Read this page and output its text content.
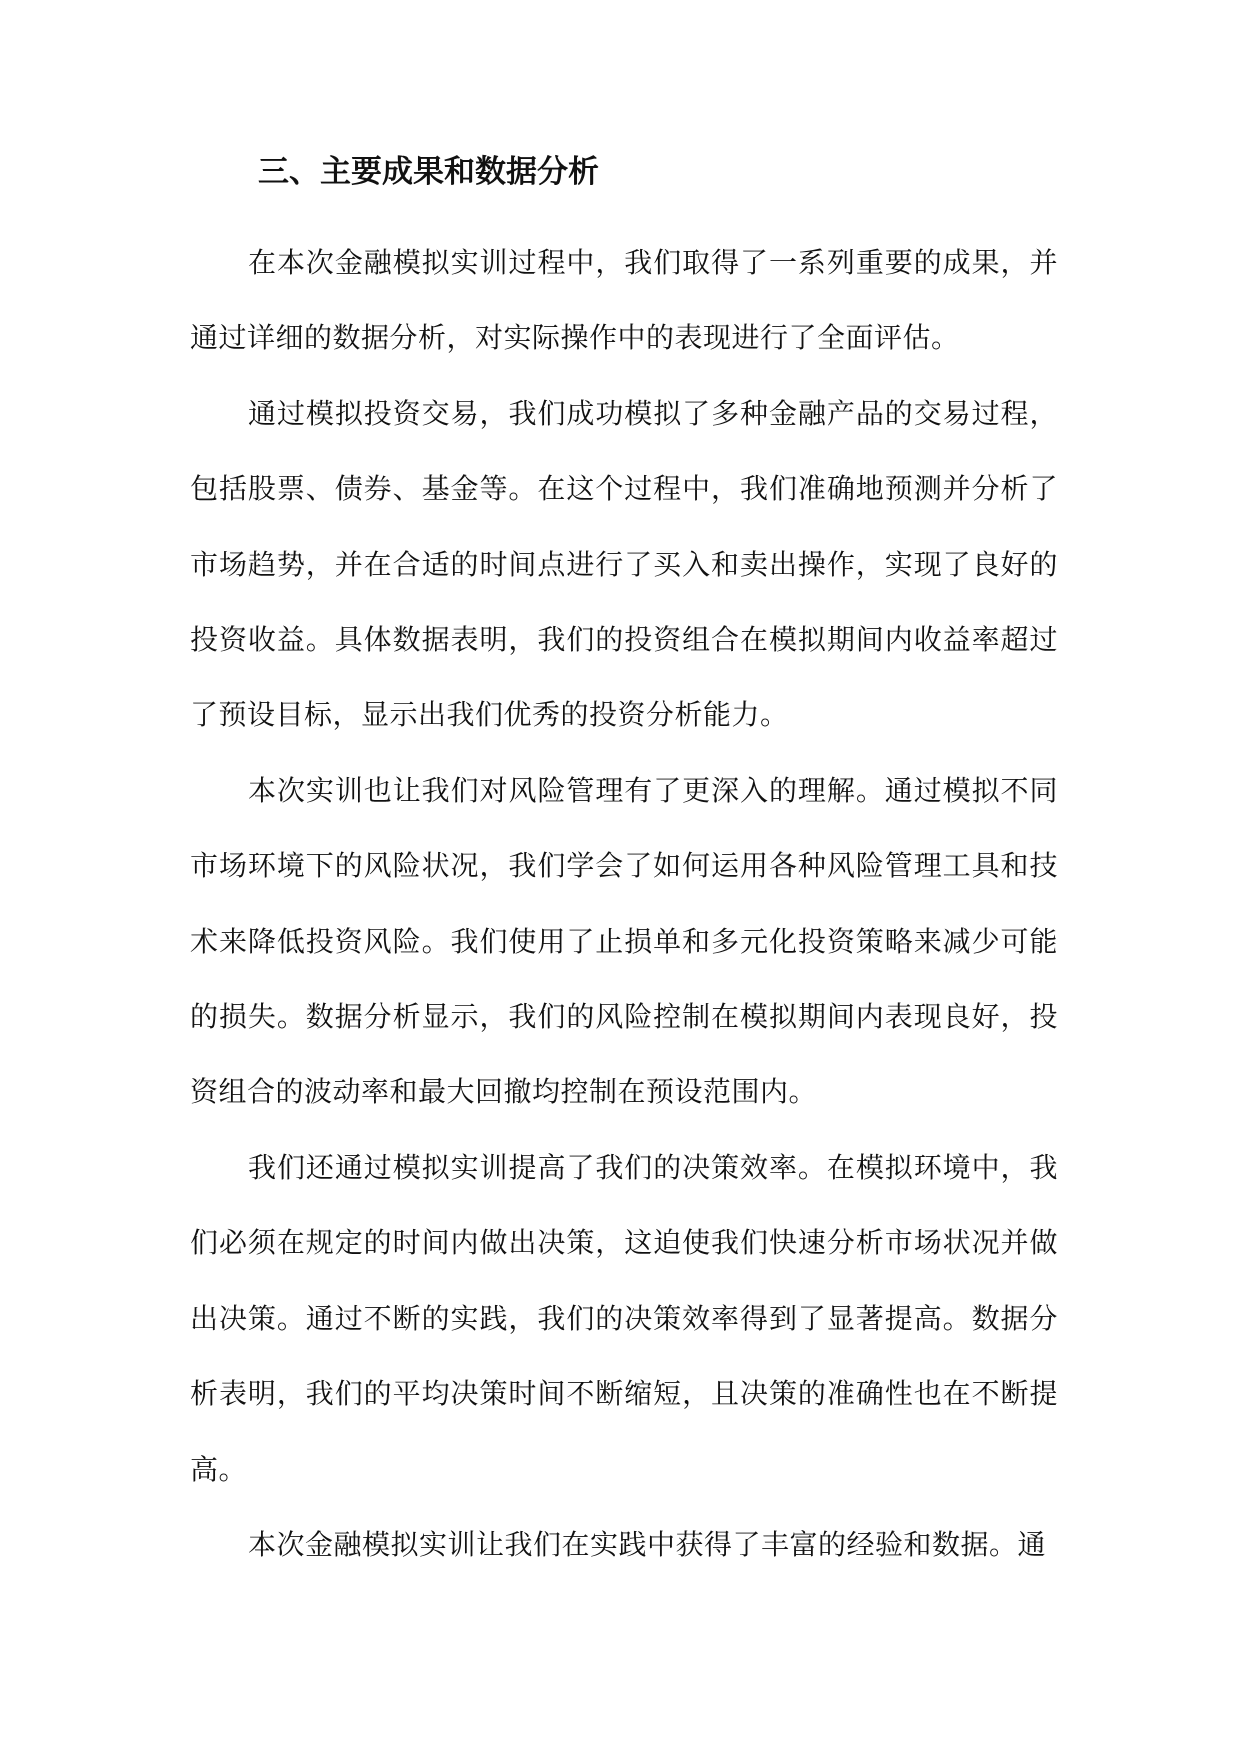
三、主要成果和数据分析

在本次金融模拟实训过程中，我们取得了一系列重要的成果，并通过详细的数据分析，对实际操作中的表现进行了全面评估。

通过模拟投资交易，我们成功模拟了多种金融产品的交易过程，包括股票、债券、基金等。在这个过程中，我们准确地预测并分析了市场趋势，并在合适的时间点进行了买入和卖出操作，实现了良好的投资收益。具体数据表明，我们的投资组合在模拟期间内收益率超过了预设目标，显示出我们优秀的投资分析能力。

本次实训也让我们对风险管理有了更深入的理解。通过模拟不同市场环境下的风险状况，我们学会了如何运用各种风险管理工具和技术来降低投资风险。我们使用了止损单和多元化投资策略来减少可能的损失。数据分析显示，我们的风险控制在模拟期间内表现良好，投资组合的波动率和最大回撤均控制在预设范围内。

我们还通过模拟实训提高了我们的决策效率。在模拟环境中，我们必须在规定的时间内做出决策，这迫使我们快速分析市场状况并做出决策。通过不断的实践，我们的决策效率得到了显著提高。数据分析表明，我们的平均决策时间不断缩短，且决策的准确性也在不断提高。

本次金融模拟实训让我们在实践中获得了丰富的经验和数据。通
